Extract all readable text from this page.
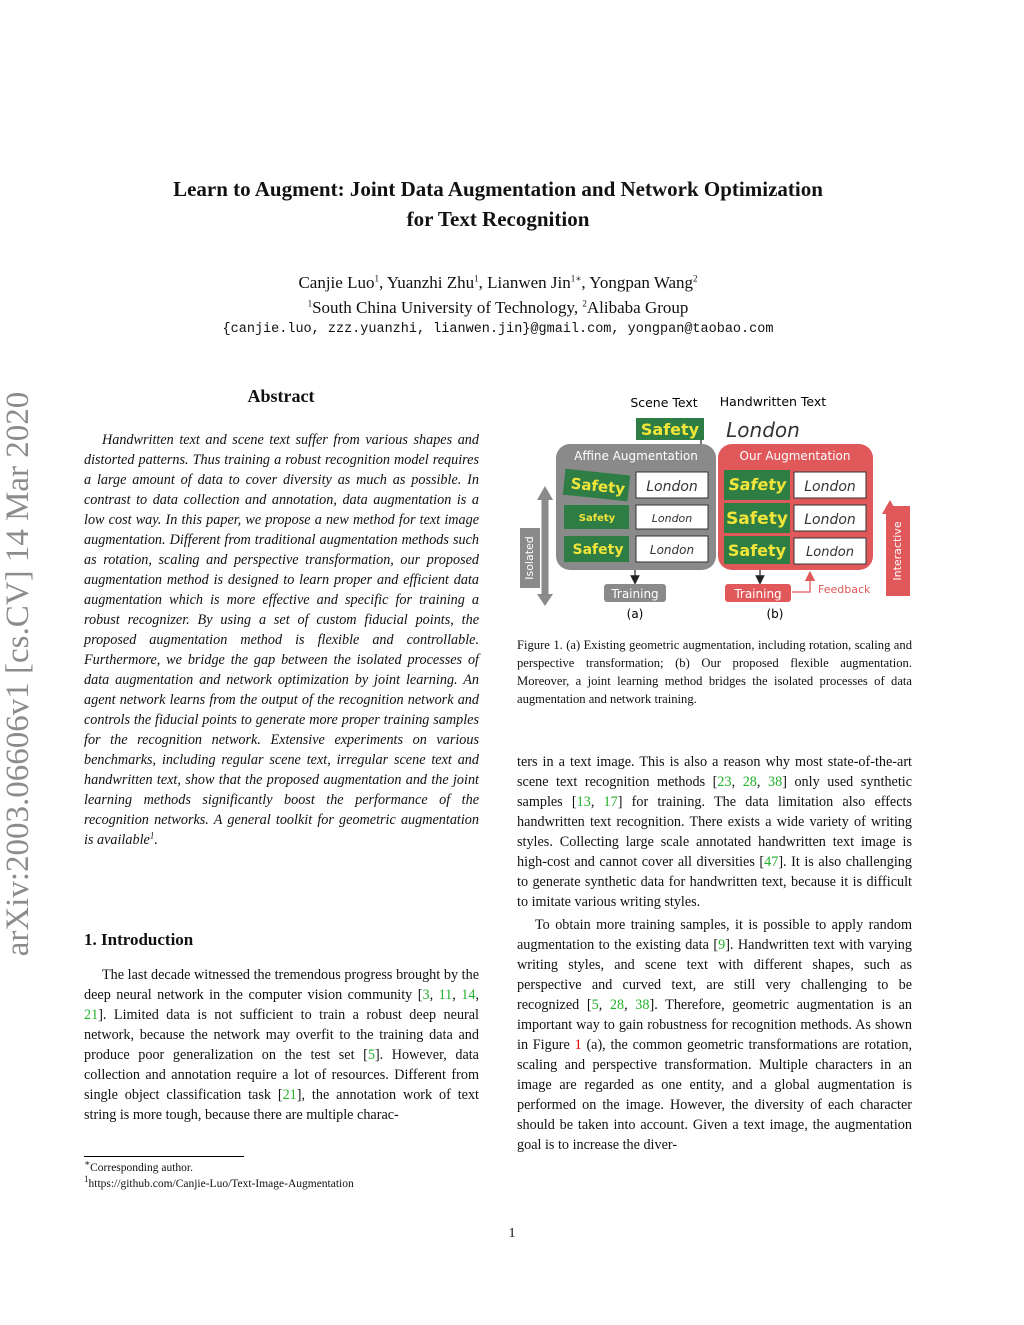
arXiv:2003.06606v1 [cs.CV] 14 Mar 2020
Learn to Augment: Joint Data Augmentation and Network Optimization
for Text Recognition
Canjie Luo$^1$, Yuanzhi Zhu$^1$, Lianwen Jin$^{1∗}$, Yongpan Wang$^2$
$^1$South China University of Technology, $^2$Alibaba Group
{canjie.luo, zzz.yuanzhi, lianwen.jin}@gmail.com, yongpan@taobao.com
Abstract

Handwritten text and scene text suffer from various shapes and distorted patterns. Thus training a robust recognition model requires a large amount of data to cover diversity as much as possible. In contrast to data collection and annotation, data augmentation is a low cost way. In this paper, we propose a new method for text image augmentation. Different from traditional augmentation methods such as rotation, scaling and perspective transformation, our proposed augmentation method is designed to learn proper and efficient data augmentation which is more effective and specific for training a robust recognizer. By using a set of custom fiducial points, the proposed augmentation method is flexible and controllable. Furthermore, we bridge the gap between the isolated processes of data augmentation and network optimization by joint learning. An agent network learns from the output of the recognition network and controls the fiducial points to generate more proper training samples for the recognition network. Extensive experiments on various benchmarks, including regular scene text, irregular scene text and handwritten text, show that the proposed augmentation and the joint learning methods significantly boost the performance of the recognition networks. A general toolkit for geometric augmentation is available$^1$.

1. Introduction

The last decade witnessed the tremendous progress brought by the deep neural network in the computer vision community [3, 11, 14, 21]. Limited data is not sufficient to train a robust deep neural network, because the network may overfit to the training data and produce poor generalization on the test set [5]. However, data collection and annotation require a lot of resources. Different from single object classification task [21], the annotation work of text string is more tough, because there are multiple charac-

∗Corresponding author.
$^1$https://github.com/Canjie-Luo/Text-Image-Augmentation
Scene Text Handwritten Text
Safety London
Affine Augmentation
Safety London
Safety	London
Safety London
Our Augmentation
Safety London
Safety London
Safety London
Isolated	Interactive
Training	Training	Feedback
(a)	(b)
Figure 1. (a) Existing geometric augmentation, including rotation, scaling and perspective transformation; (b) Our proposed flexible augmentation. Moreover, a joint learning method bridges the isolated processes of data augmentation and network training.

ters in a text image. This is also a reason why most state-of-the-art scene text recognition methods [23, 28, 38] only used synthetic samples [13, 17] for training. The data limitation also effects handwritten text recognition. There exists a wide variety of writing styles. Collecting large scale annotated handwritten text image is high-cost and cannot cover all diversities [47]. It is also challenging to generate synthetic data for handwritten text, because it is difficult to imitate various writing styles.

To obtain more training samples, it is possible to apply random augmentation to the existing data [9]. Handwritten text with varying writing styles, and scene text with different shapes, such as perspective and curved text, are still very challenging to be recognized [5, 28, 38]. Therefore, geometric augmentation is an important way to gain robustness for recognition methods. As shown in Figure 1 (a), the common geometric transformations are rotation, scaling and perspective transformation. Multiple characters in an image are regarded as one entity, and a global augmentation is performed on the image. However, the diversity of each character should be taken into account. Given a text image, the augmentation goal is to increase the diver-

1
